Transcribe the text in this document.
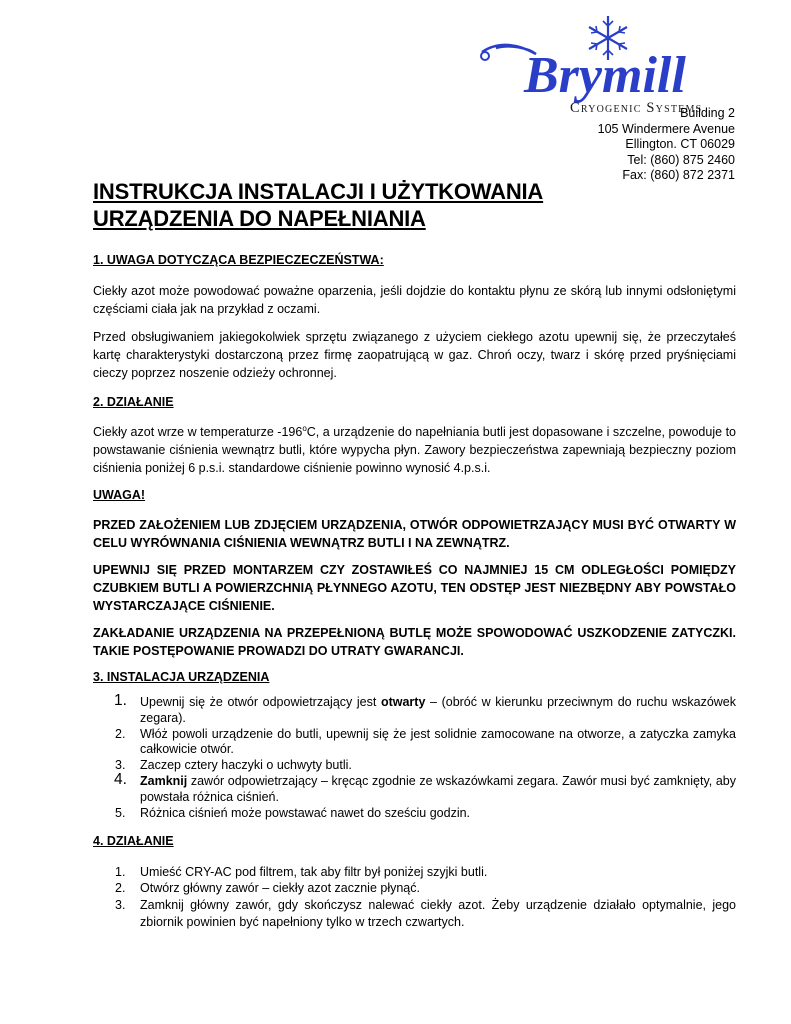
Brymill
Cryogenic Systems
Building 2
105 Windermere Avenue
Ellington. CT 06029
Tel: (860) 875 2460
Fax: (860) 872 2371
INSTRUKCJA INSTALACJI I UŻYTKOWANIA
URZĄDZENIA DO NAPEŁNIANIA
1. UWAGA DOTYCZĄCA BEZPIECZECZEŃSTWA:

Ciekły azot może powodować poważne oparzenia, jeśli dojdzie do kontaktu płynu ze skórą lub innymi odsłoniętymi częściami ciała jak na przykład z oczami.

Przed obsługiwaniem jakiegokolwiek sprzętu związanego z użyciem ciekłego azotu upewnij się, że przeczytałeś kartę charakterystyki dostarczoną przez firmę zaopatrującą w gaz. Chroń oczy, twarz i skórę przed pryśnięciami cieczy poprzez noszenie odzieży ochronnej.

2. DZIAŁANIE

Ciekły azot wrze w temperaturze -196$^o$C, a urządzenie do napełniania butli jest dopasowane i szczelne, powoduje to powstawanie ciśnienia wewnątrz butli, które wypycha płyn. Zawory bezpieczeństwa zapewniają bezpieczny poziom ciśnienia poniżej 6 p.s.i. standardowe ciśnienie powinno wynosić 4.p.s.i.

UWAGA!

PRZED ZAŁOŻENIEM LUB ZDJĘCIEM URZĄDZENIA, OTWÓR ODPOWIETRZAJĄCY MUSI BYĆ OTWARTY W CELU WYRÓWNANIA CIŚNIENIA WEWNĄTRZ BUTLI I NA ZEWNĄTRZ.

UPEWNIJ SIĘ PRZED MONTARZEM CZY ZOSTAWIŁEŚ CO NAJMNIEJ 15 CM ODLEGŁOŚCI POMIĘDZY CZUBKIEM BUTLI A POWIERZCHNIĄ PŁYNNEGO AZOTU, TEN ODSTĘP JEST NIEZBĘDNY ABY POWSTAŁO WYSTARCZAJĄCE CIŚNIENIE.

ZAKŁADANIE URZĄDZENIA NA PRZEPEŁNIONĄ BUTLĘ MOŻE SPOWODOWAĆ USZKODZENIE ZATYCZKI. TAKIE POSTĘPOWANIE PROWADZI DO UTRATY GWARANCJI.

3. INSTALACJA URZĄDZENIA
1. Upewnij się że otwór odpowietrzający jest otwarty – (obróć w kierunku przeciwnym do ruchu wskazówek zegara).
2. Włóż powoli urządzenie do butli, upewnij się że jest solidnie zamocowane na otworze, a zatyczka zamyka całkowicie otwór.
3. Zaczep cztery haczyki o uchwyty butli.
4. Zamknij zawór odpowietrzający – kręcąc zgodnie ze wskazówkami zegara. Zawór musi być zamknięty, aby powstała różnica ciśnień.
5. Różnica ciśnień może powstawać nawet do sześciu godzin.
4. DZIAŁANIE
1. Umieść CRY-AC pod filtrem, tak aby filtr był poniżej szyjki butli.
2. Otwórz główny zawór – ciekły azot zacznie płynąć.
3. Zamknij główny zawór, gdy skończysz nalewać ciekły azot. Żeby urządzenie działało optymalnie, jego zbiornik powinien być napełniony tylko w trzech czwartych.
